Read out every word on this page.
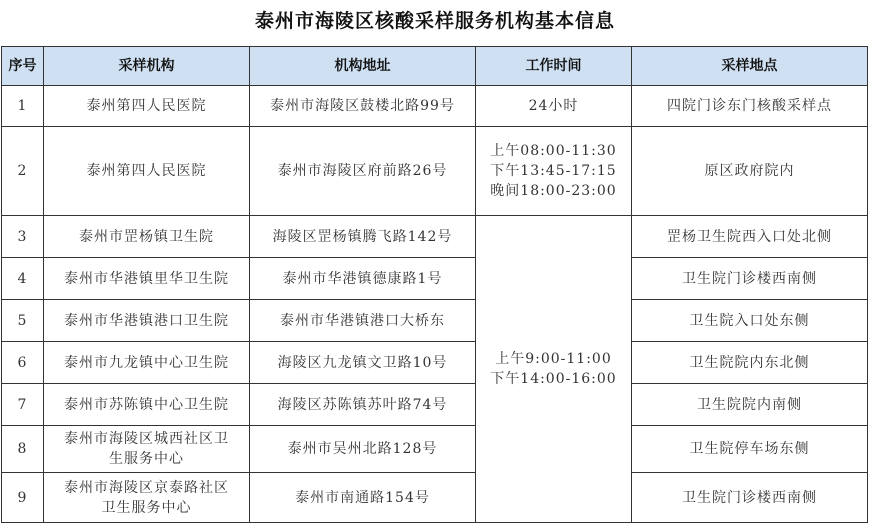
泰州市海陵区核酸采样服务机构基本信息
序号	采样机构	机构地址	工作时间	采样地点
1	泰州第四人民医院	泰州市海陵区鼓楼北路99号	24小时	四院门诊东门核酸采样点
2	泰州第四人民医院	泰州市海陵区府前路26号	上午08:00-11:30
下午13:45-17:15
晚间18:00-23:00	原区政府院内
3	泰州市罡杨镇卫生院	海陵区罡杨镇腾飞路142号	上午9:00-11:00
下午14:00-16:00	罡杨卫生院西入口处北侧
4	泰州市华港镇里华卫生院	泰州市华港镇德康路1号		卫生院门诊楼西南侧
5	泰州市华港镇港口卫生院	泰州市华港镇港口大桥东		卫生院入口处东侧
6	泰州市九龙镇中心卫生院	海陵区九龙镇文卫路10号		卫生院院内东北侧
7	泰州市苏陈镇中心卫生院	海陵区苏陈镇苏叶路74号		卫生院院内南侧
8	泰州市海陵区城西社区卫
生服务中心	泰州市吴州北路128号		卫生院停车场东侧
9	泰州市海陵区京泰路社区
卫生服务中心	泰州市南通路154号		卫生院门诊楼西南侧
